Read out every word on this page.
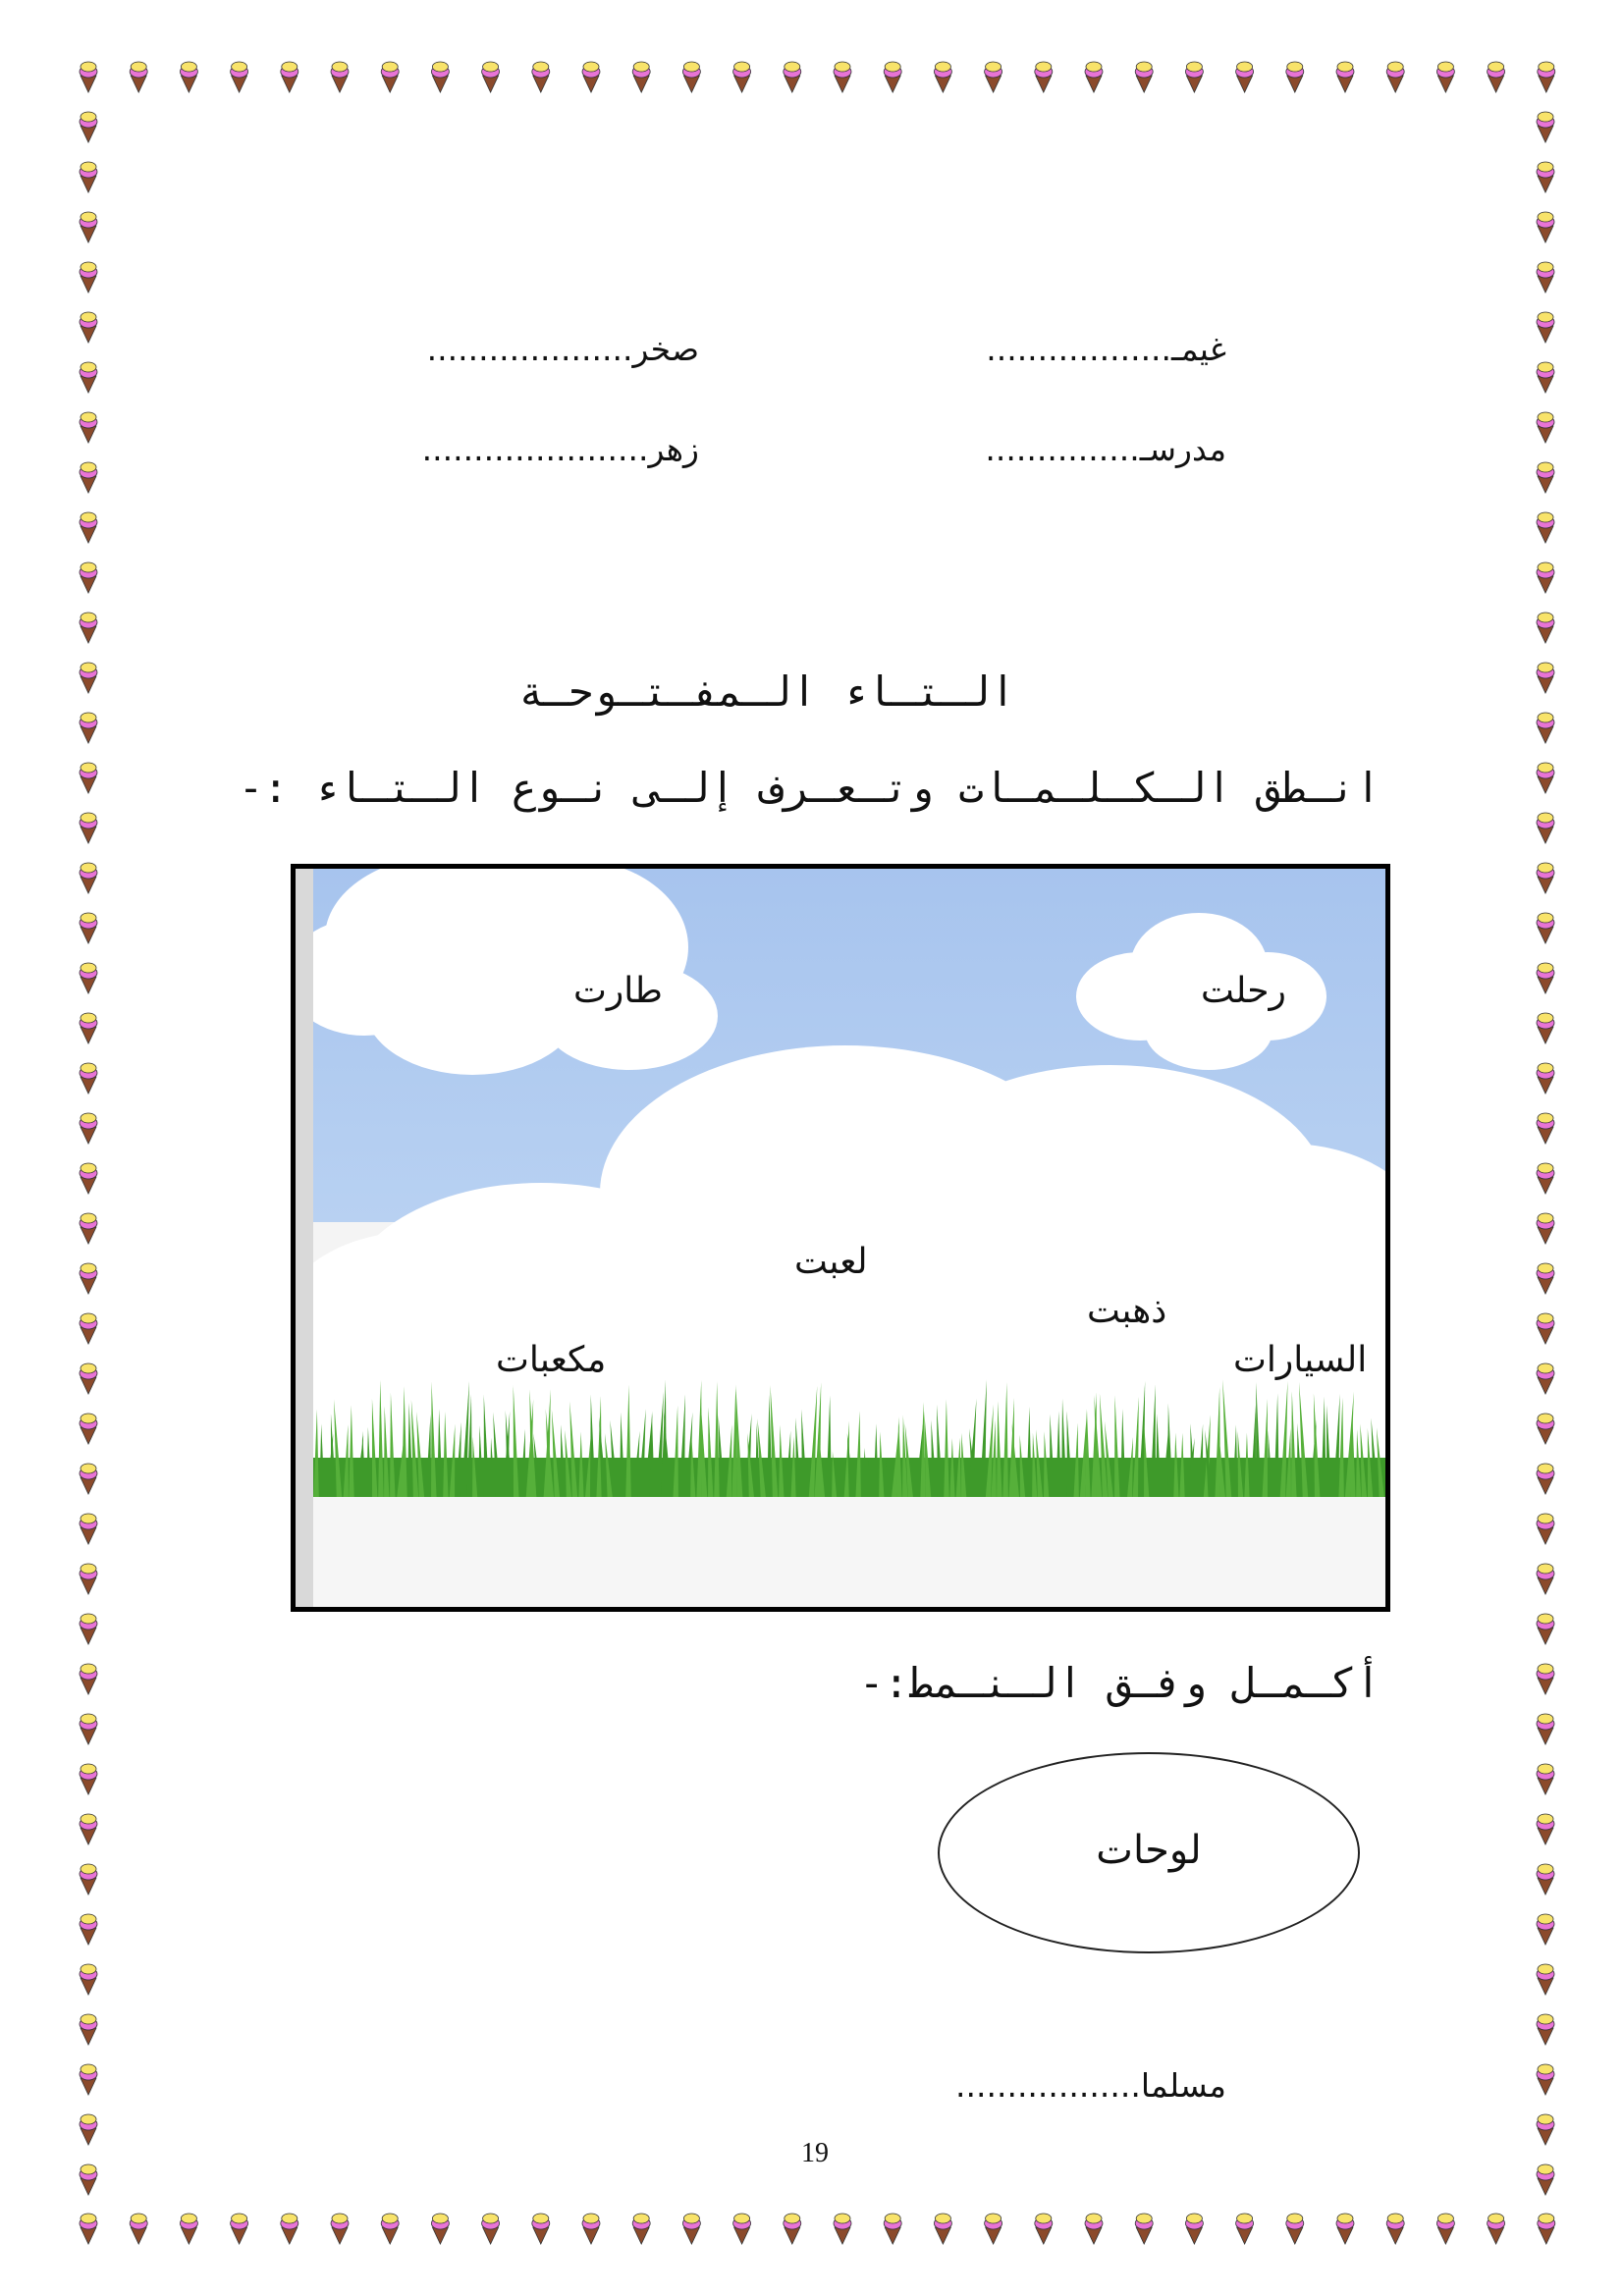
غيمـ..................
صخر....................
مدرسـ...............
زهر......................
الـتـاء الـمفـتـوحـة
انـطق الـكـلـمـات وتـعـرف إلـى نـوع الـتـاء :-
طارت	رحلت
لعبت
ذهبت
مكعبات	السيارات
أكـمـل وفـق الـنـمط:-
لوحات
مسلما..................
19
